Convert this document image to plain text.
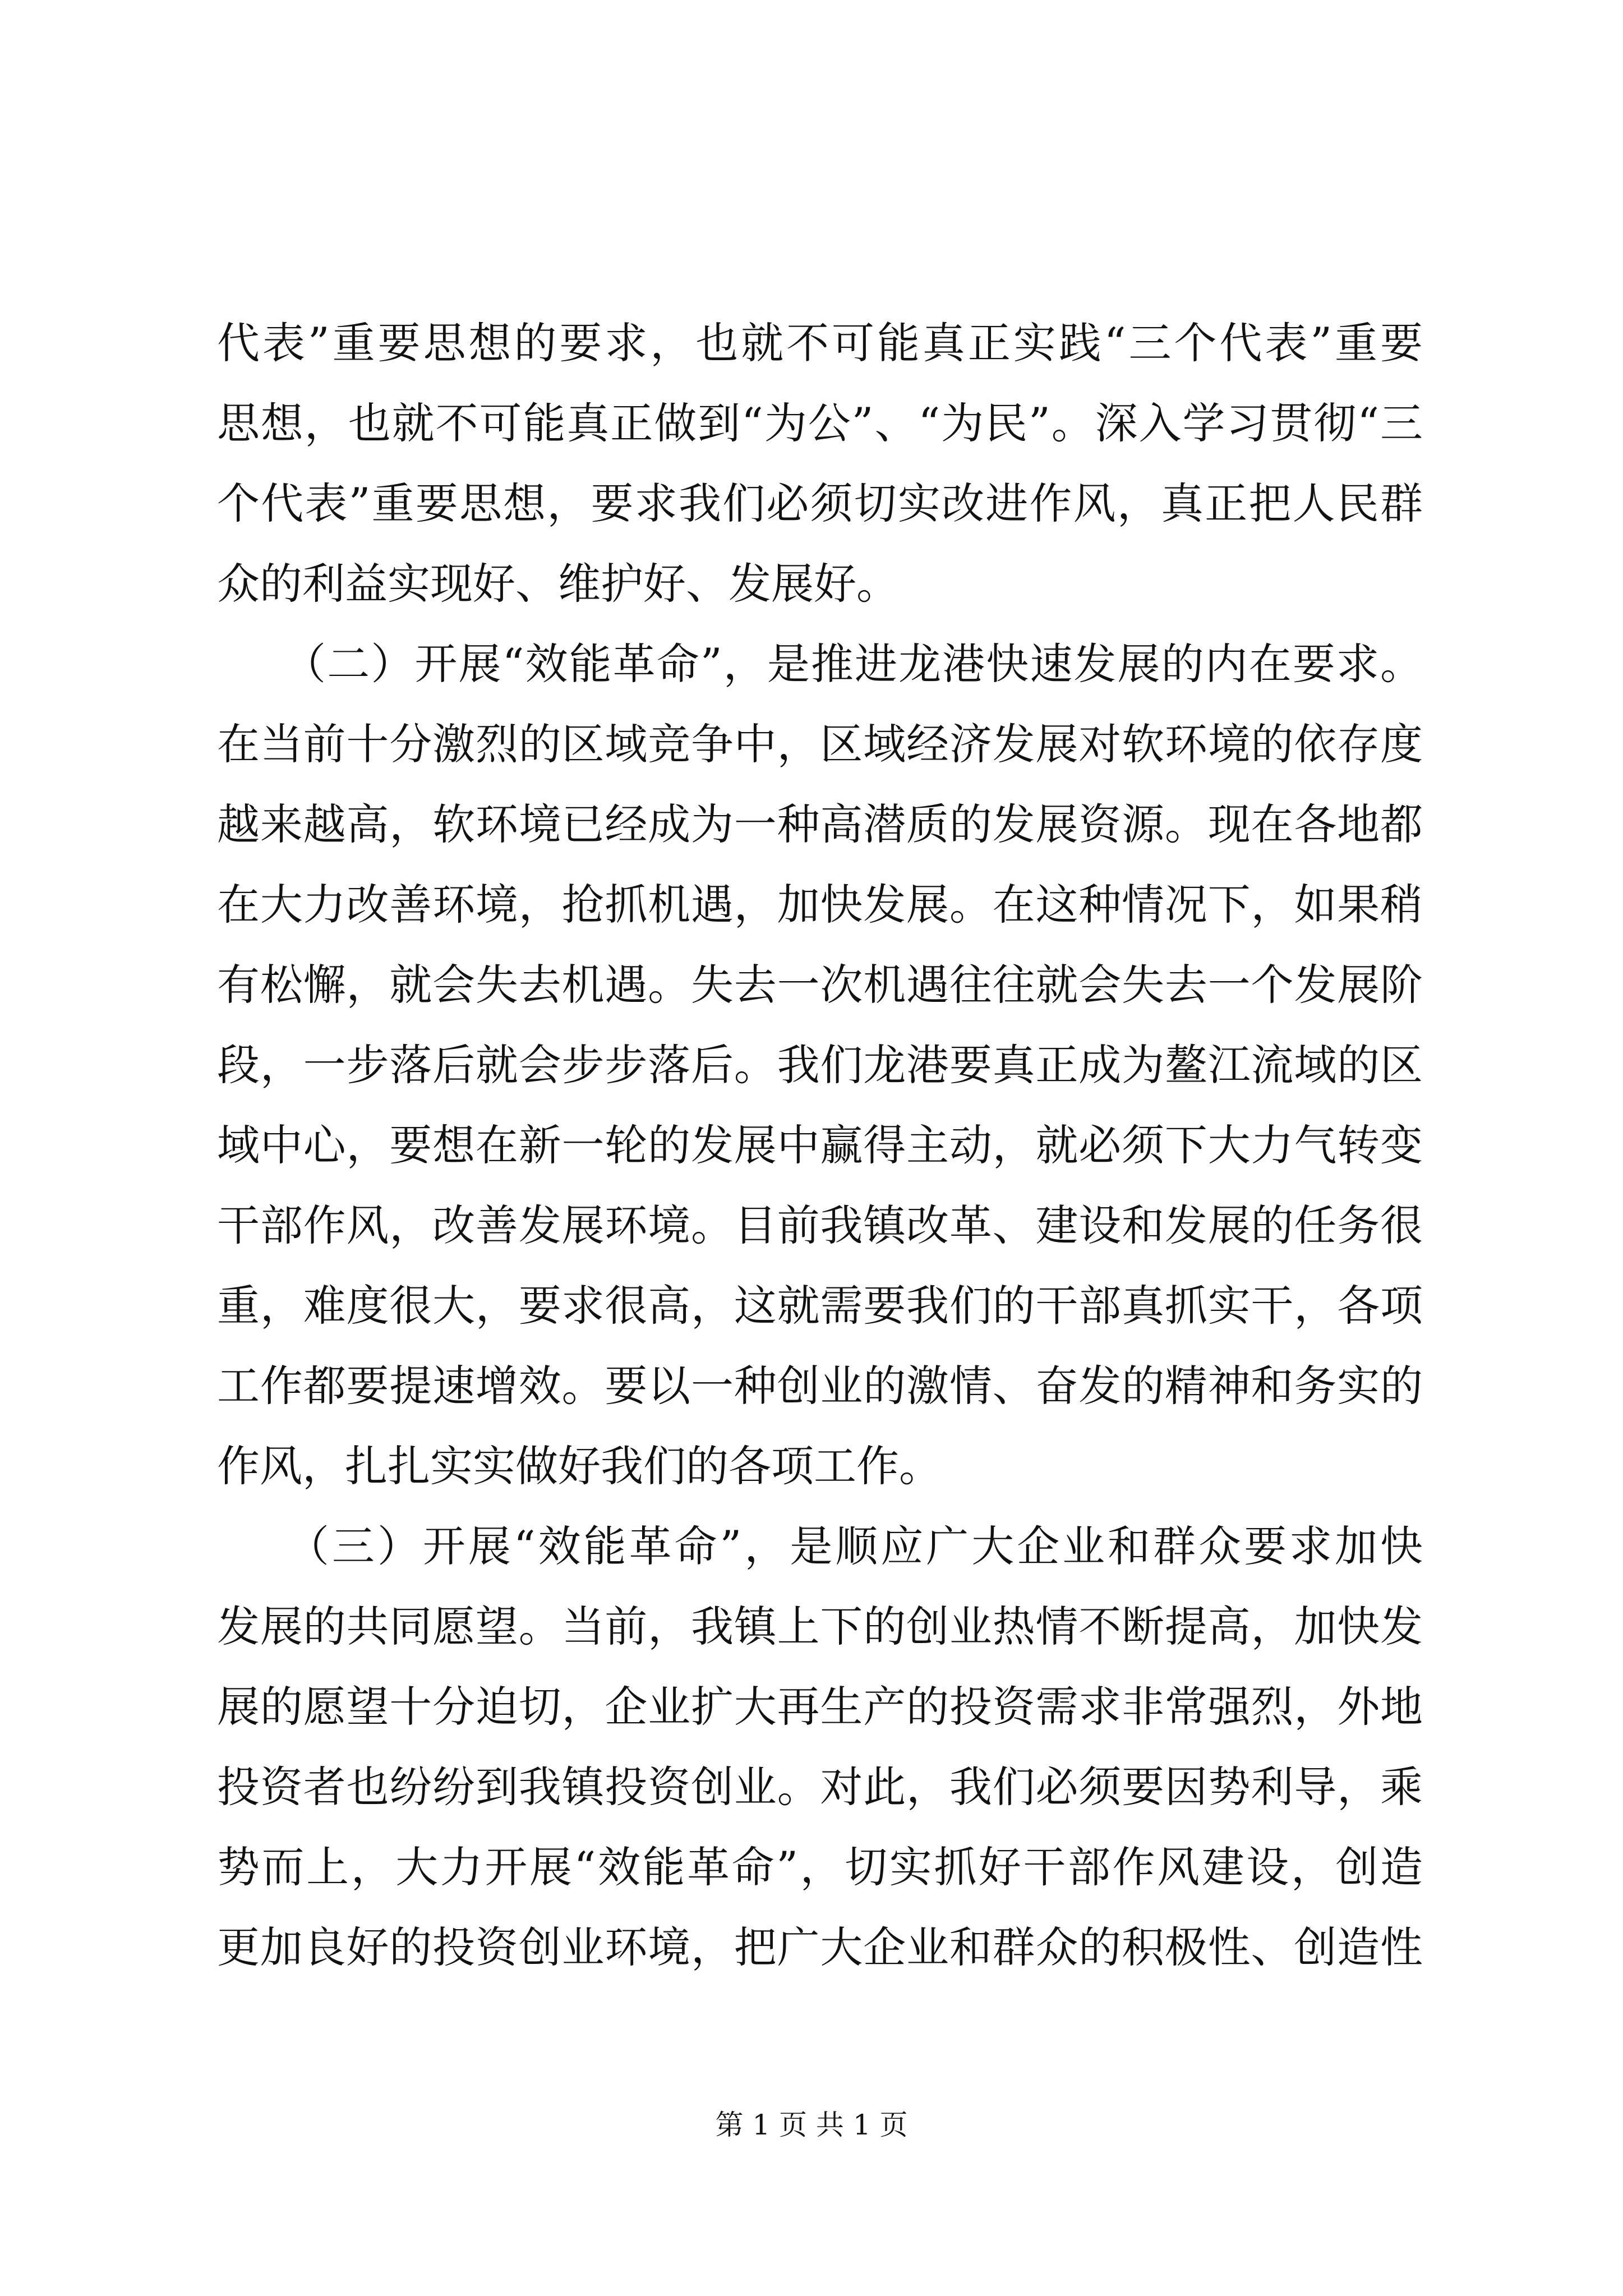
代表”重要思想的要求，也就不可能真正实践“三个代表”重要
思想，也就不可能真正做到“为公”、“为民”。深入学习贯彻“三
个代表”重要思想，要求我们必须切实改进作风，真正把人民群
众的利益实现好、维护好、发展好。

　　（二）开展“效能革命”，是推进龙港快速发展的内在要求。
在当前十分激烈的区域竞争中，区域经济发展对软环境的依存度
越来越高，软环境已经成为一种高潜质的发展资源。现在各地都
在大力改善环境，抢抓机遇，加快发展。在这种情况下，如果稍
有松懈，就会失去机遇。失去一次机遇往往就会失去一个发展阶
段，一步落后就会步步落后。我们龙港要真正成为鳌江流域的区
域中心，要想在新一轮的发展中赢得主动，就必须下大力气转变
干部作风，改善发展环境。目前我镇改革、建设和发展的任务很
重，难度很大，要求很高，这就需要我们的干部真抓实干，各项
工作都要提速增效。要以一种创业的激情、奋发的精神和务实的
作风，扎扎实实做好我们的各项工作。

　　（三）开展“效能革命”，是顺应广大企业和群众要求加快
发展的共同愿望。当前，我镇上下的创业热情不断提高，加快发
展的愿望十分迫切，企业扩大再生产的投资需求非常强烈，外地
投资者也纷纷到我镇投资创业。对此，我们必须要因势利导，乘
势而上，大力开展“效能革命”，切实抓好干部作风建设，创造
更加良好的投资创业环境，把广大企业和群众的积极性、创造性

第 1 页 共 1 页
